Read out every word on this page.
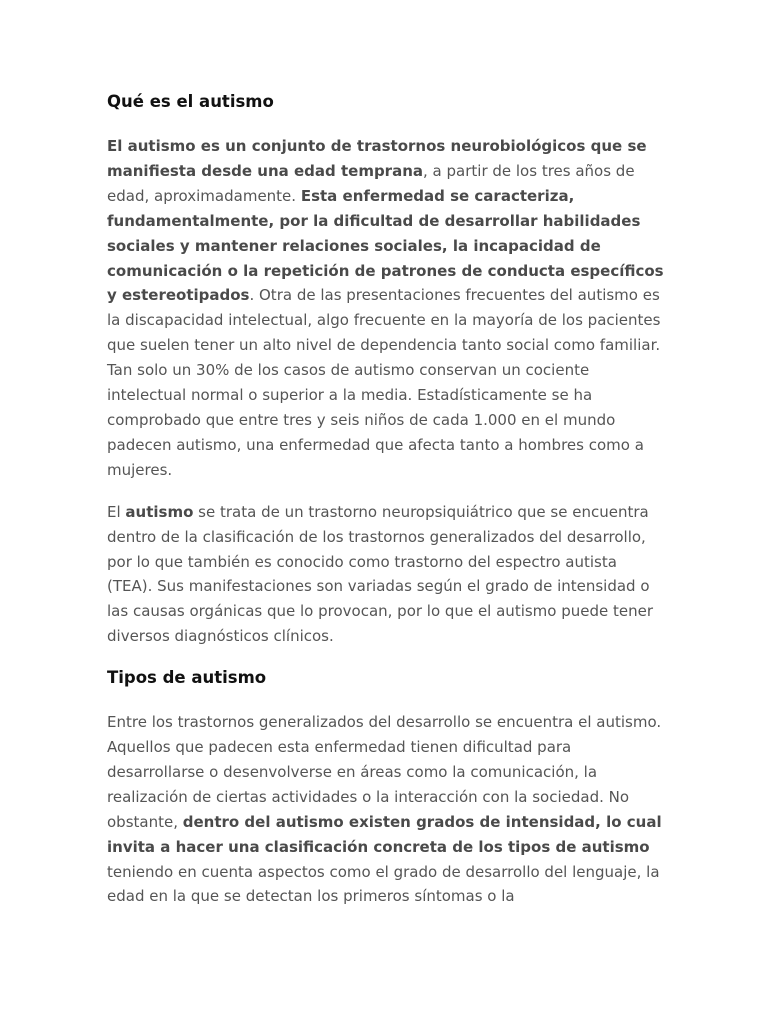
Qué es el autismo

El autismo es un conjunto de trastornos neurobiológicos que se manifiesta desde una edad temprana, a partir de los tres años de edad, aproximadamente. Esta enfermedad se caracteriza, fundamentalmente, por la dificultad de desarrollar habilidades sociales y mantener relaciones sociales, la incapacidad de comunicación o la repetición de patrones de conducta específicos y estereotipados. Otra de las presentaciones frecuentes del autismo es la discapacidad intelectual, algo frecuente en la mayoría de los pacientes que suelen tener un alto nivel de dependencia tanto social como familiar. Tan solo un 30% de los casos de autismo conservan un cociente intelectual normal o superior a la media. Estadísticamente se ha comprobado que entre tres y seis niños de cada 1.000 en el mundo padecen autismo, una enfermedad que afecta tanto a hombres como a mujeres.

El autismo se trata de un trastorno neuropsiquiátrico que se encuentra dentro de la clasificación de los trastornos generalizados del desarrollo, por lo que también es conocido como trastorno del espectro autista (TEA). Sus manifestaciones son variadas según el grado de intensidad o las causas orgánicas que lo provocan, por lo que el autismo puede tener diversos diagnósticos clínicos.

Tipos de autismo

Entre los trastornos generalizados del desarrollo se encuentra el autismo. Aquellos que padecen esta enfermedad tienen dificultad para desarrollarse o desenvolverse en áreas como la comunicación, la realización de ciertas actividades o la interacción con la sociedad. No obstante, dentro del autismo existen grados de intensidad, lo cual invita a hacer una clasificación concreta de los tipos de autismo teniendo en cuenta aspectos como el grado de desarrollo del lenguaje, la edad en la que se detectan los primeros síntomas o la
